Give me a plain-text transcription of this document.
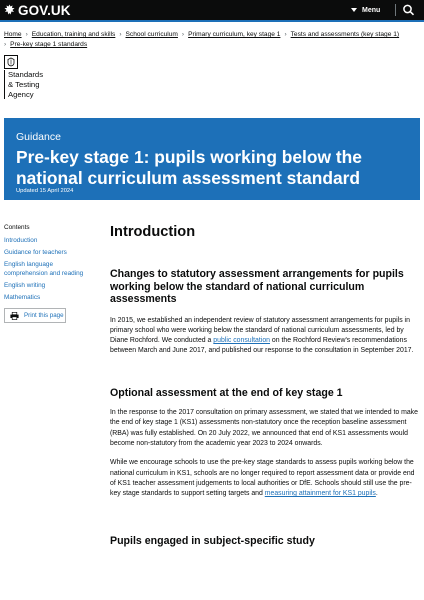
GOV.UK	Menu
Home › Education, training and skills › School curriculum › Primary curriculum, key stage 1 › Tests and assessments (key stage 1)
› Pre-key stage 1 standards
Standards
& Testing
Agency
Guidance
Pre-key stage 1: pupils working below the national curriculum assessment standard
Updated 15 April 2024
Contents
Introduction
Guidance for teachers
English language comprehension and reading
English writing
Mathematics
Print this page
Introduction
Changes to statutory assessment arrangements for pupils working below the standard of national curriculum assessments

In 2015, we established an independent review of statutory assessment arrangements for pupils in primary school who were working below the standard of national curriculum assessments, led by Diane Rochford. We conducted a public consultation on the Rochford Review's recommendations between March and June 2017, and published our response to the consultation in September 2017.

Optional assessment at the end of key stage 1

In the response to the 2017 consultation on primary assessment, we stated that we intended to make the end of key stage 1 (KS1) assessments non-statutory once the reception baseline assessment (RBA) was fully established. On 20 July 2022, we announced that end of KS1 assessments would become non-statutory from the academic year 2023 to 2024 onwards.

While we encourage schools to use the pre-key stage standards to assess pupils working below the national curriculum in KS1, schools are no longer required to report assessment data or provide end of KS1 teacher assessment judgements to local authorities or DfE. Schools should still use the pre-key stage standards to support setting targets and measuring attainment for KS1 pupils.

Pupils engaged in subject-specific study
